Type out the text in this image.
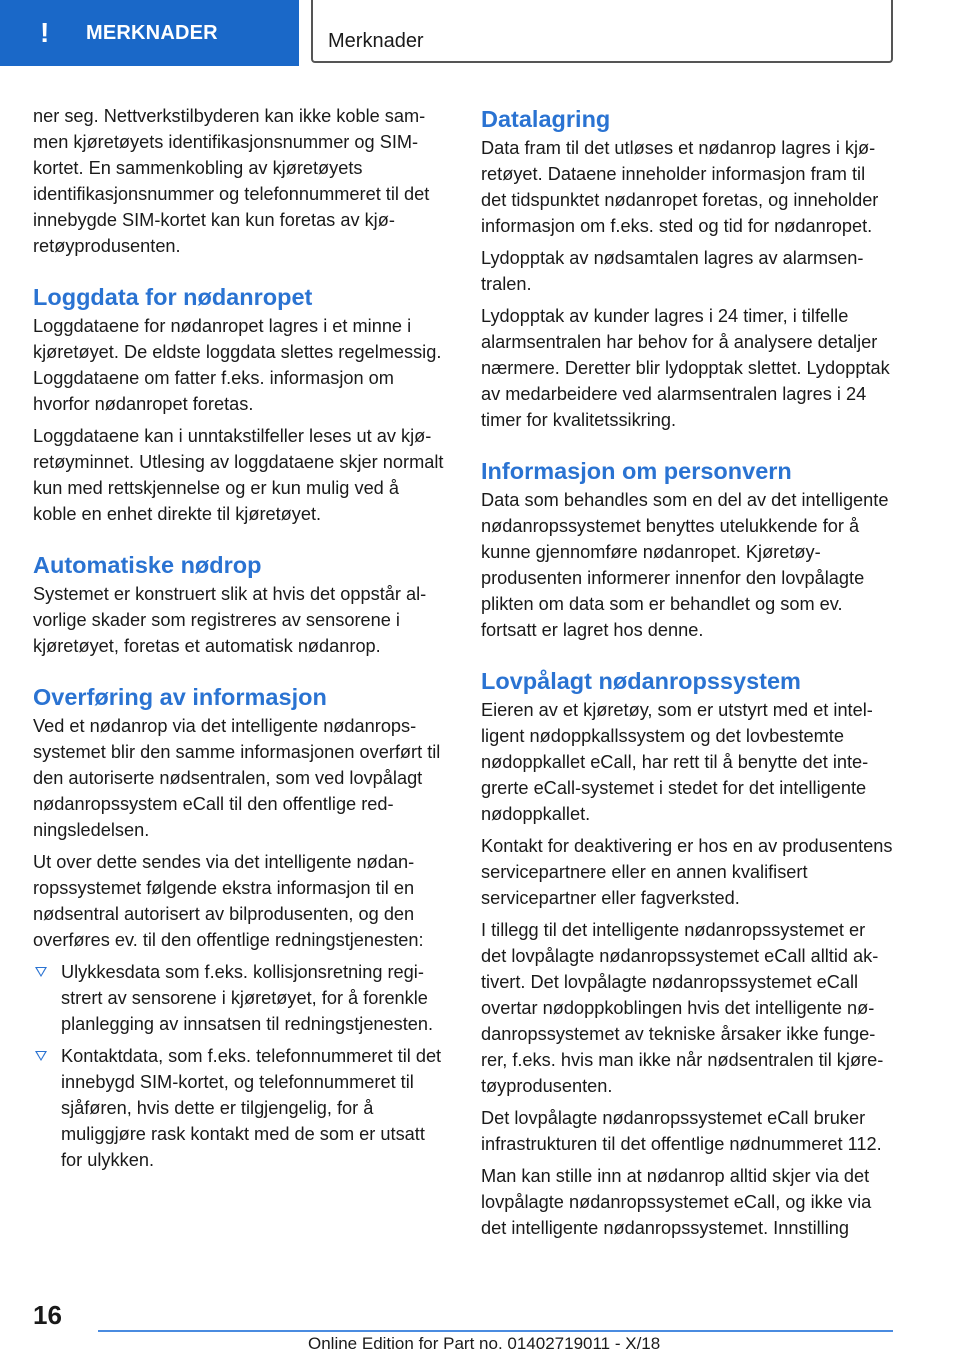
!	MERKNADER	Merknader

ner seg. Nettverkstilbyderen kan ikke koble sammen kjøretøyets identifikasjonsnummer og SIM-kortet. En sammenkobling av kjøretøyets identifikasjonsnummer og telefonnummeret til det innebygde SIM-kortet kan kun foretas av kjøretøyprodusenten.

Loggdata for nødanropet

Loggdataene for nødanropet lagres i et minne i kjøretøyet. De eldste loggdata slettes regelmessig. Loggdataene om fatter f.eks. informasjon om hvorfor nødanropet foretas.

Loggdataene kan i unntakstilfeller leses ut av kjøretøyminnet. Utlesing av loggdataene skjer normalt kun med rettskjennelse og er kun mulig ved å koble en enhet direkte til kjøretøyet.

Automatiske nødrop

Systemet er konstruert slik at hvis det oppstår alvorlige skader som registreres av sensorene i kjøretøyet, foretas et automatisk nødanrop.

Overføring av informasjon

Ved et nødanrop via det intelligente nødanropssystemet blir den samme informasjonen overført til den autoriserte nødsentralen, som ved lovpålagt nødanropssystem eCall til den offentlige redningsledelsen.

Ut over dette sendes via det intelligente nødanropssystemet følgende ekstra informasjon til en nødsentral autorisert av bilprodusenten, og den overføres ev. til den offentlige redningstjenesten:

Ulykkesdata som f.eks. kollisjonsretning registrert av sensorene i kjøretøyet, for å forenkle planlegging av innsatsen til redningstjenesten.
Kontaktdata, som f.eks. telefonnummeret til det innebygd SIM-kortet, og telefonnummeret til sjåføren, hvis dette er tilgjengelig, for å muliggjøre rask kontakt med de som er utsatt for ulykken.
Datalagring

Data fram til det utløses et nødanrop lagres i kjøretøyet. Dataene inneholder informasjon fram til det tidspunktet nødanropet foretas, og inneholder informasjon om f.eks. sted og tid for nødanropet.

Lydopptak av nødsamtalen lagres av alarmsentralen.

Lydopptak av kunder lagres i 24 timer, i tilfelle alarmsentralen har behov for å analysere detaljer nærmere. Deretter blir lydopptak slettet. Lydopptak av medarbeidere ved alarmsentralen lagres i 24 timer for kvalitetssikring.

Informasjon om personvern

Data som behandles som en del av det intelligente nødanropssystemet benyttes utelukkende for å kunne gjennomføre nødanropet. Kjøretøyprodusenten informerer innenfor den lovpålagte plikten om data som er behandlet og som ev. fortsatt er lagret hos denne.

Lovpålagt nødanropssystem

Eieren av et kjøretøy, som er utstyrt med et intelligent nødoppkallssystem og det lovbestemte nødoppkallet eCall, har rett til å benytte det integrerte eCall-systemet i stedet for det intelligente nødoppkallet.

Kontakt for deaktivering er hos en av produsentens servicepartnere eller en annen kvalifisert servicepartner eller fagverksted.

I tillegg til det intelligente nødanropssystemet er det lovpålagte nødanropssystemet eCall alltid aktivert. Det lovpålagte nødanropssystemet eCall overtar nødoppkoblingen hvis det intelligente nødanropssystemet av tekniske årsaker ikke fungerer, f.eks. hvis man ikke når nødsentralen til kjøretøyprodusenten.

Det lovpålagte nødanropssystemet eCall bruker infrastrukturen til det offentlige nødnummeret 112.

Man kan stille inn at nødanrop alltid skjer via det lovpålagte nødanropssystemet eCall, og ikke via det intelligente nødanropssystemet. Innstilling

16
Online Edition for Part no. 01402719011 - X/18
